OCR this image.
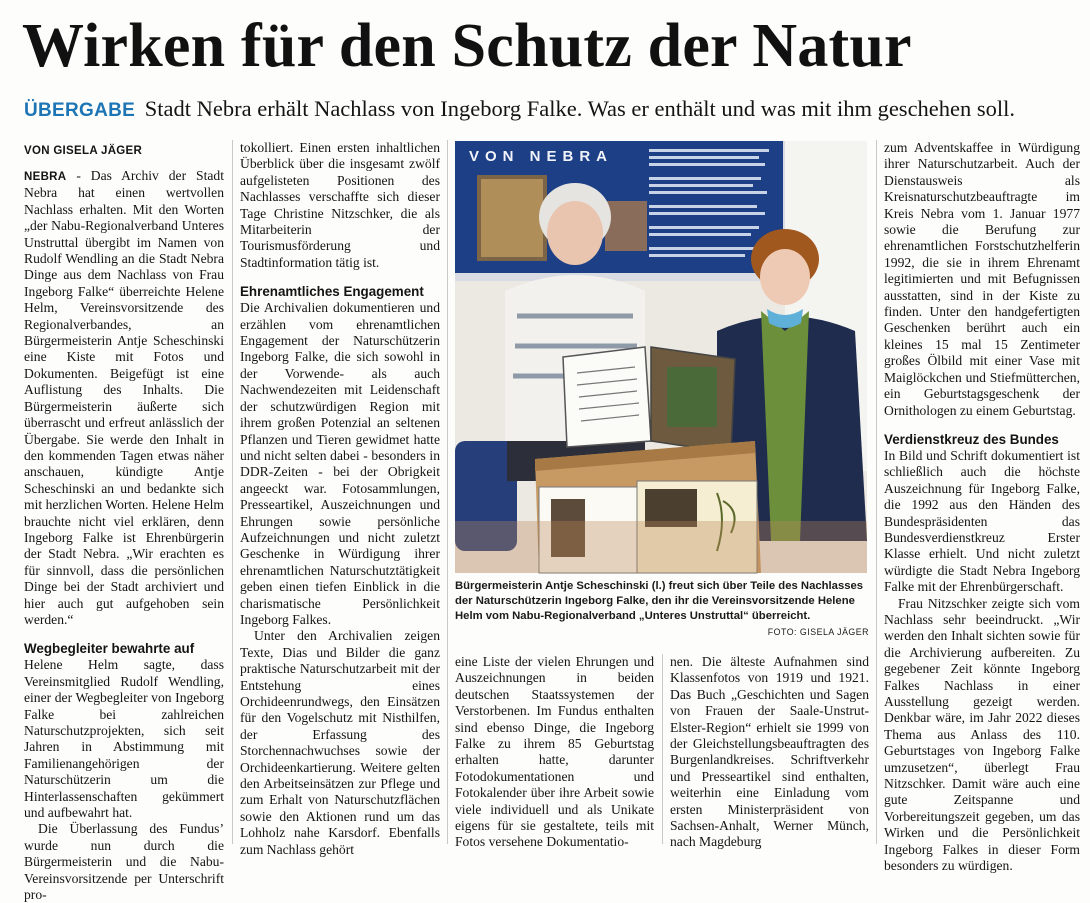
Wirken für den Schutz der Natur
ÜBERGABE Stadt Nebra erhält Nachlass von Ingeborg Falke. Was er enthält und was mit ihm geschehen soll.
VON GISELA JÄGER

NEBRA - Das Archiv der Stadt Nebra hat einen wertvollen Nachlass erhalten. Mit den Worten „der Nabu-Regionalverband Unteres Unstruttal übergibt im Namen von Rudolf Wendling an die Stadt Nebra Dinge aus dem Nachlass von Frau Ingeborg Falke“ überreichte Helene Helm, Vereinsvorsitzende des Regionalverbandes, an Bürgermeisterin Antje Scheschinski eine Kiste mit Fotos und Dokumenten. Beigefügt ist eine Auflistung des Inhalts. Die Bürgermeisterin äußerte sich überrascht und erfreut anlässlich der Übergabe. Sie werde den Inhalt in den kommenden Tagen etwas näher anschauen, kündigte Antje Scheschinski an und bedankte sich mit herzlichen Worten. Helene Helm brauchte nicht viel erklären, denn Ingeborg Falke ist Ehrenbürgerin der Stadt Nebra. „Wir erachten es für sinnvoll, dass die persönlichen Dinge bei der Stadt archiviert und hier auch gut aufgehoben sein werden.“

Wegbegleiter bewahrte auf

Helene Helm sagte, dass Vereinsmitglied Rudolf Wendling, einer der Wegbegleiter von Ingeborg Falke bei zahlreichen Naturschutzprojekten, sich seit Jahren in Abstimmung mit Familienangehörigen der Naturschützerin um die Hinterlassenschaften gekümmert und aufbewahrt hat.

Die Überlassung des Fundus’ wurde nun durch die Bürgermeisterin und die Nabu-Vereinsvorsitzende per Unterschrift pro-

tokolliert. Einen ersten inhaltlichen Überblick über die insgesamt zwölf aufgelisteten Positionen des Nachlasses verschaffte sich dieser Tage Christine Nitzschker, die als Mitarbeiterin der Tourismusförderung und Stadtinformation tätig ist.

Ehrenamtliches Engagement

Die Archivalien dokumentieren und erzählen vom ehrenamtlichen Engagement der Naturschützerin Ingeborg Falke, die sich sowohl in der Vorwende- als auch Nachwendezeiten mit Leidenschaft der schutzwürdigen Region mit ihrem großen Potenzial an seltenen Pflanzen und Tieren gewidmet hatte und nicht selten dabei - besonders in DDR-Zeiten - bei der Obrigkeit angeeckt war. Fotosammlungen, Presseartikel, Auszeichnungen und Ehrungen sowie persönliche Aufzeichnungen und nicht zuletzt Geschenke in Würdigung ihrer ehrenamtlichen Naturschutztätigkeit geben einen tiefen Einblick in die charismatische Persönlichkeit Ingeborg Falkes.

Unter den Archivalien zeigen Texte, Dias und Bilder die ganz praktische Naturschutzarbeit mit der Entstehung eines Orchideenrundwegs, den Einsätzen für den Vogelschutz mit Nisthilfen, der Erfassung des Storchennachwuchses sowie der Orchideenkartierung. Weitere gelten den Arbeitseinsätzen zur Pflege und zum Erhalt von Naturschutzflächen sowie den Aktionen rund um das Lohholz nahe Karsdorf. Ebenfalls zum Nachlass gehört

VON NEBRA
Bürgermeisterin Antje Scheschinski (l.) freut sich über Teile des Nachlasses der Naturschützerin Ingeborg Falke, den ihr die Vereinsvorsitzende Helene Helm vom Nabu-Regionalverband „Unteres Unstruttal“ überreicht.
FOTO: GISELA JÄGER

eine Liste der vielen Ehrungen und Auszeichnungen in beiden deutschen Staatssystemen der Verstorbenen. Im Fundus enthalten sind ebenso Dinge, die Ingeborg Falke zu ihrem 85 Geburtstag erhalten hatte, darunter Fotodokumentationen und Fotokalender über ihre Arbeit sowie viele individuell und als Unikate eigens für sie gestaltete, teils mit Fotos versehene Dokumentatio-

nen. Die älteste Aufnahmen sind Klassenfotos von 1919 und 1921. Das Buch „Geschichten und Sagen von Frauen der Saale-Unstrut-Elster-Region“ erhielt sie 1999 von der Gleichstellungsbeauftragten des Burgenlandkreises. Schriftverkehr und Presseartikel sind enthalten, weiterhin eine Einladung vom ersten Ministerpräsident von Sachsen-Anhalt, Werner Münch, nach Magdeburg

zum Adventskaffee in Würdigung ihrer Naturschutzarbeit. Auch der Dienstausweis als Kreisnaturschutzbeauftragte im Kreis Nebra vom 1. Januar 1977 sowie die Berufung zur ehrenamtlichen Forstschutzhelferin 1992, die sie in ihrem Ehrenamt legitimierten und mit Befugnissen ausstatten, sind in der Kiste zu finden. Unter den handgefertigten Geschenken berührt auch ein kleines 15 mal 15 Zentimeter großes Ölbild mit einer Vase mit Maiglöckchen und Stiefmütterchen, ein Geburtstagsgeschenk der Ornithologen zu einem Geburtstag.

Verdienstkreuz des Bundes

In Bild und Schrift dokumentiert ist schließlich auch die höchste Auszeichnung für Ingeborg Falke, die 1992 aus den Händen des Bundespräsidenten das Bundesverdienstkreuz Erster Klasse erhielt. Und nicht zuletzt würdigte die Stadt Nebra Ingeborg Falke mit der Ehrenbürgerschaft.

Frau Nitzschker zeigte sich vom Nachlass sehr beeindruckt. „Wir werden den Inhalt sichten sowie für die Archivierung aufbereiten. Zu gegebener Zeit könnte Ingeborg Falkes Nachlass in einer Ausstellung gezeigt werden. Denkbar wäre, im Jahr 2022 dieses Thema aus Anlass des 110. Geburtstages von Ingeborg Falke umzusetzen“, überlegt Frau Nitzschker. Damit wäre auch eine gute Zeitspanne und Vorbereitungszeit gegeben, um das Wirken und die Persönlichkeit Ingeborg Falkes in dieser Form besonders zu würdigen.
